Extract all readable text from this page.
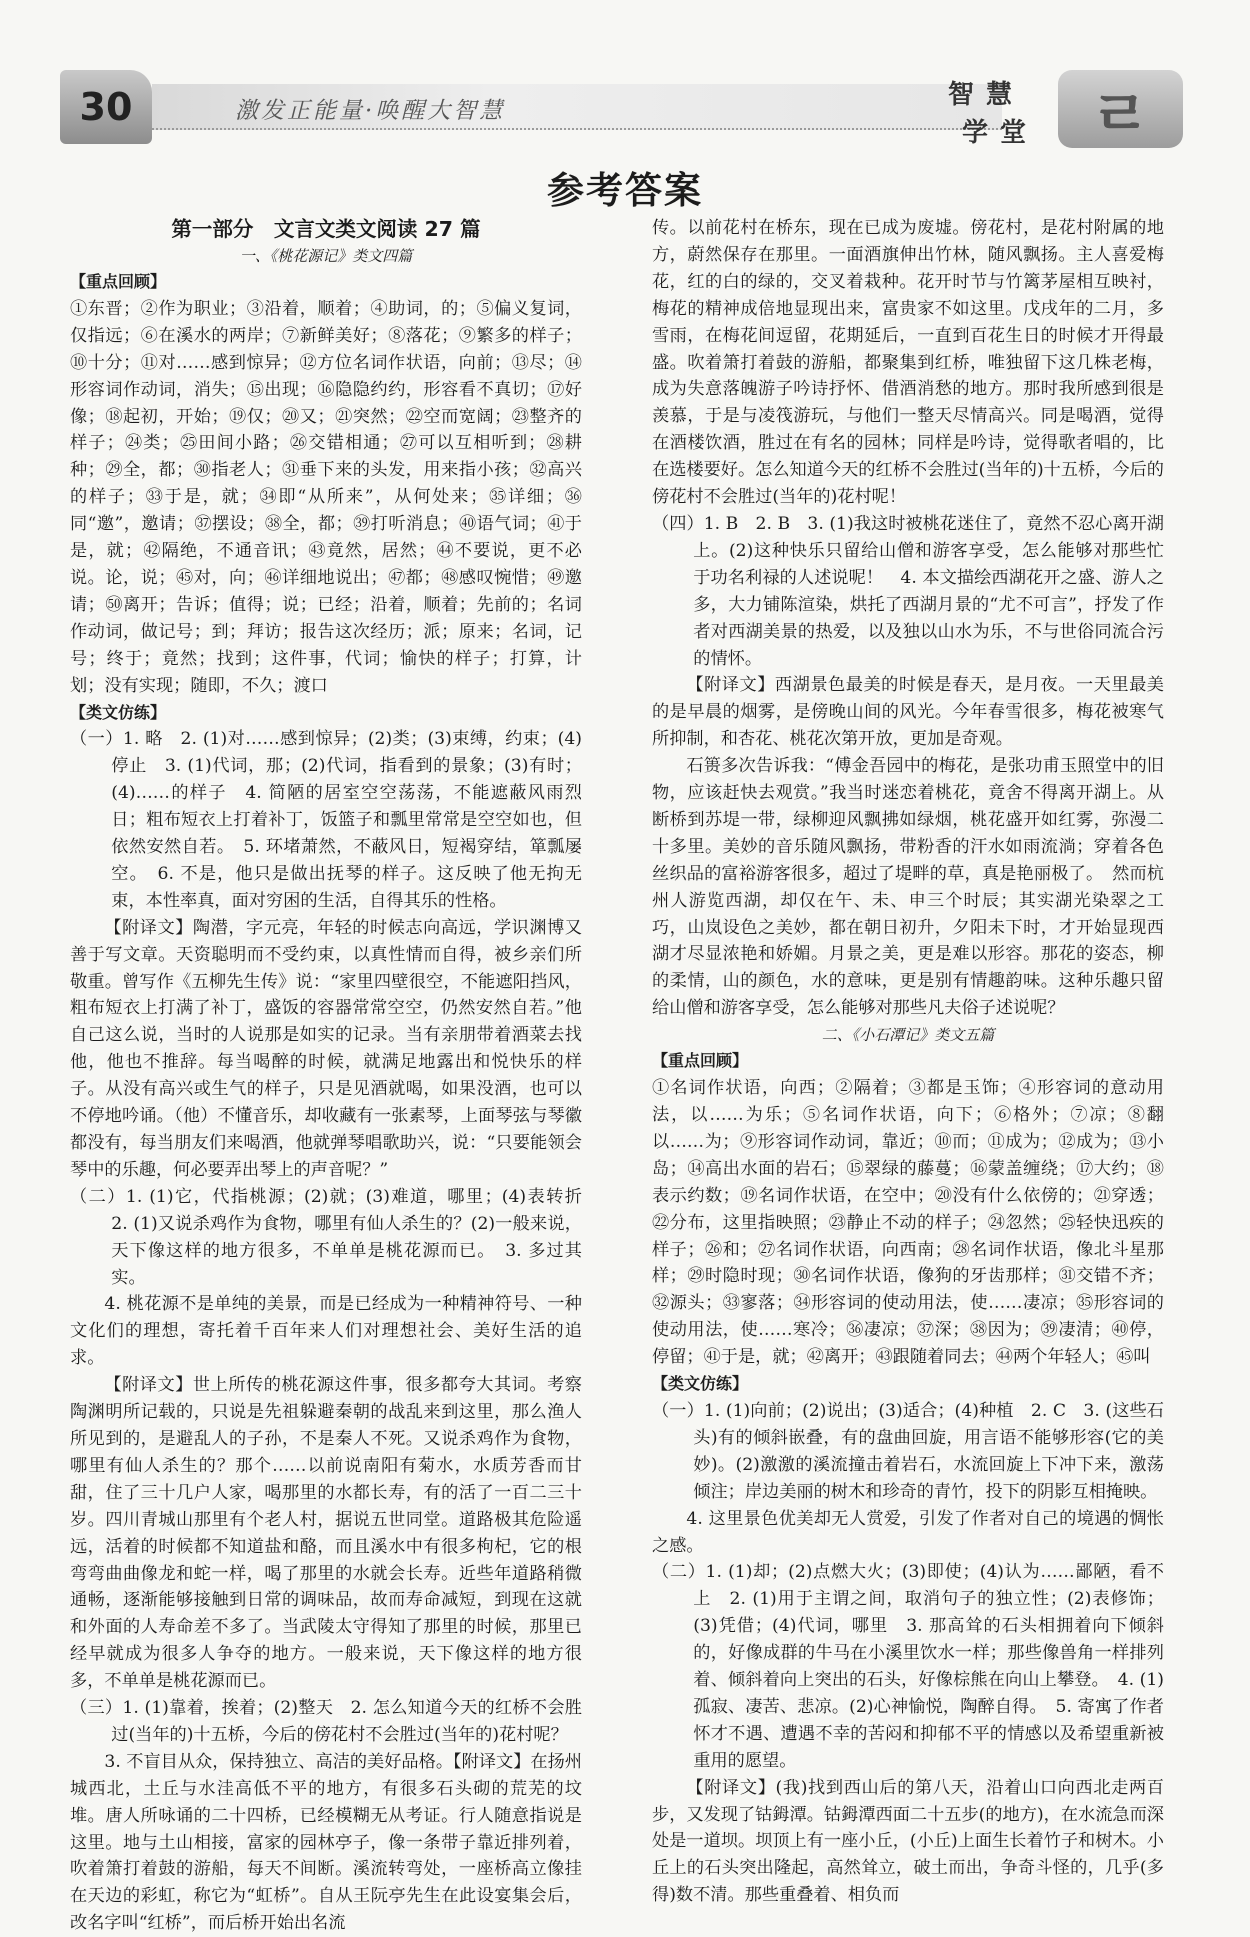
30	激发正能量·唤醒大智慧
智 慧
学 堂	ㄹ
参考答案

第一部分　文言文类文阅读 27 篇

一、《桃花源记》类文四篇

【重点回顾】

①东晋；②作为职业；③沿着，顺着；④助词，的；⑤偏义复词，仅指远；⑥在溪水的两岸；⑦新鲜美好；⑧落花；⑨繁多的样子；⑩十分；⑪对……感到惊异；⑫方位名词作状语，向前；⑬尽；⑭形容词作动词，消失；⑮出现；⑯隐隐约约，形容看不真切；⑰好像；⑱起初，开始；⑲仅；⑳又；㉑突然；㉒空而宽阔；㉓整齐的样子；㉔类；㉕田间小路；㉖交错相通；㉗可以互相听到；㉘耕种；㉙全，都；㉚指老人；㉛垂下来的头发，用来指小孩；㉜高兴的样子；㉝于是，就；㉞即“从所来”，从何处来；㉟详细；㊱同“邀”，邀请；㊲摆设；㊳全，都；㊴打听消息；㊵语气词；㊶于是，就；㊷隔绝，不通音讯；㊸竟然，居然；㊹不要说，更不必说。论，说；㊺对，向；㊻详细地说出；㊼都；㊽感叹惋惜；㊾邀请；㊿离开；告诉；值得；说；已经；沿着，顺着；先前的；名词作动词，做记号；到；拜访；报告这次经历；派；原来；名词，记号；终于；竟然；找到；这件事，代词；愉快的样子；打算，计划；没有实现；随即，不久；渡口

【类文仿练】

（一）1. 略　2. (1)对……感到惊异；(2)类；(3)束缚，约束；(4)停止　3. (1)代词，那；(2)代词，指看到的景象；(3)有时；(4)……的样子　4. 简陋的居室空空荡荡，不能遮蔽风雨烈日；粗布短衣上打着补丁，饭篮子和瓢里常常是空空如也，但依然安然自若。　5. 环堵萧然，不蔽风日，短褐穿结，箪瓢屡空。　6. 不是，他只是做出抚琴的样子。这反映了他无拘无束，本性率真，面对穷困的生活，自得其乐的性格。

【附译文】陶潜，字元亮，年轻的时候志向高远，学识渊博又善于写文章。天资聪明而不受约束，以真性情而自得，被乡亲们所敬重。曾写作《五柳先生传》说：“家里四壁很空，不能遮阳挡风，粗布短衣上打满了补丁，盛饭的容器常常空空，仍然安然自若。”他自己这么说，当时的人说那是如实的记录。当有亲朋带着酒菜去找他，他也不推辞。每当喝醉的时候，就满足地露出和悦快乐的样子。从没有高兴或生气的样子，只是见酒就喝，如果没酒，也可以不停地吟诵。（他）不懂音乐，却收藏有一张素琴，上面琴弦与琴徽都没有，每当朋友们来喝酒，他就弹琴唱歌助兴，说：“只要能领会琴中的乐趣，何必要弄出琴上的声音呢？”

（二）1. (1)它，代指桃源；(2)就；(3)难道，哪里；(4)表转折　2. (1)又说杀鸡作为食物，哪里有仙人杀生的？(2)一般来说，天下像这样的地方很多，不单单是桃花源而已。　3. 多过其实。

4. 桃花源不是单纯的美景，而是已经成为一种精神符号、一种文化们的理想，寄托着千百年来人们对理想社会、美好生活的追求。

【附译文】世上所传的桃花源这件事，很多都夸大其词。考察陶渊明所记载的，只说是先祖躲避秦朝的战乱来到这里，那么渔人所见到的，是避乱人的子孙，不是秦人不死。又说杀鸡作为食物，哪里有仙人杀生的？那个……以前说南阳有菊水，水质芳香而甘甜，住了三十几户人家，喝那里的水都长寿，有的活了一百二三十岁。四川青城山那里有个老人村，据说五世同堂。道路极其危险遥远，活着的时候都不知道盐和酪，而且溪水中有很多枸杞，它的根弯弯曲曲像龙和蛇一样，喝了那里的水就会长寿。近些年道路稍微通畅，逐渐能够接触到日常的调味品，故而寿命减短，到现在这就和外面的人寿命差不多了。当武陵太守得知了那里的时候，那里已经早就成为很多人争夺的地方。一般来说，天下像这样的地方很多，不单单是桃花源而已。

（三）1. (1)靠着，挨着；(2)整天　2. 怎么知道今天的红桥不会胜过(当年的)十五桥，今后的傍花村不会胜过(当年的)花村呢？

3. 不盲目从众，保持独立、高洁的美好品格。【附译文】在扬州城西北，土丘与水洼高低不平的地方，有很多石头砌的荒芜的坟堆。唐人所咏诵的二十四桥，已经模糊无从考证。行人随意指说是这里。地与土山相接，富家的园林亭子，像一条带子靠近排列着，吹着箫打着鼓的游船，每天不间断。溪流转弯处，一座桥高立像挂在天边的彩虹，称它为“虹桥”。自从王阮亭先生在此设宴集会后，改名字叫“红桥”，而后桥开始出名流

传。以前花村在桥东，现在已成为废墟。傍花村，是花村附属的地方，蔚然保存在那里。一面酒旗伸出竹林，随风飘扬。主人喜爱梅花，红的白的绿的，交叉着栽种。花开时节与竹篱茅屋相互映衬，梅花的精神成倍地显现出来，富贵家不如这里。戊戌年的二月，多雪雨，在梅花间逗留，花期延后，一直到百花生日的时候才开得最盛。吹着箫打着鼓的游船，都聚集到红桥，唯独留下这几株老梅，成为失意落魄游子吟诗抒怀、借酒消愁的地方。那时我所感到很是羡慕，于是与凌筏游玩，与他们一整天尽情高兴。同是喝酒，觉得在酒楼饮酒，胜过在有名的园林；同样是吟诗，觉得歌者唱的，比在选楼要好。怎么知道今天的红桥不会胜过(当年的)十五桥，今后的傍花村不会胜过(当年的)花村呢！

（四）1. B　2. B　3. (1)我这时被桃花迷住了，竟然不忍心离开湖上。(2)这种快乐只留给山僧和游客享受，怎么能够对那些忙于功名利禄的人述说呢！　4. 本文描绘西湖花开之盛、游人之多，大力铺陈渲染，烘托了西湖月景的“尤不可言”，抒发了作者对西湖美景的热爱，以及独以山水为乐，不与世俗同流合污的情怀。

【附译文】西湖景色最美的时候是春天，是月夜。一天里最美的是早晨的烟雾，是傍晚山间的风光。今年春雪很多，梅花被寒气所抑制，和杏花、桃花次第开放，更加是奇观。

石篑多次告诉我：“傅金吾园中的梅花，是张功甫玉照堂中的旧物，应该赶快去观赏。”我当时迷恋着桃花，竟舍不得离开湖上。从断桥到苏堤一带，绿柳迎风飘拂如绿烟，桃花盛开如红雾，弥漫二十多里。美妙的音乐随风飘扬，带粉香的汗水如雨流淌；穿着各色丝织品的富裕游客很多，超过了堤畔的草，真是艳丽极了。　然而杭州人游览西湖，却仅在午、未、申三个时辰；其实湖光染翠之工巧，山岚设色之美妙，都在朝日初升，夕阳未下时，才开始显现西湖才尽显浓艳和娇媚。月景之美，更是难以形容。那花的姿态，柳的柔情，山的颜色，水的意味，更是别有情趣韵味。这种乐趣只留给山僧和游客享受，怎么能够对那些凡夫俗子述说呢？

二、《小石潭记》类文五篇

【重点回顾】

①名词作状语，向西；②隔着；③都是玉饰；④形容词的意动用法，以……为乐；⑤名词作状语，向下；⑥格外；⑦凉；⑧翻以……为；⑨形容词作动词，靠近；⑩而；⑪成为；⑫成为；⑬小岛；⑭高出水面的岩石；⑮翠绿的藤蔓；⑯蒙盖缠绕；⑰大约；⑱表示约数；⑲名词作状语，在空中；⑳没有什么依傍的；㉑穿透；㉒分布，这里指映照；㉓静止不动的样子；㉔忽然；㉕轻快迅疾的样子；㉖和；㉗名词作状语，向西南；㉘名词作状语，像北斗星那样；㉙时隐时现；㉚名词作状语，像狗的牙齿那样；㉛交错不齐；㉜源头；㉝寥落；㉞形容词的使动用法，使……凄凉；㉟形容词的使动用法，使……寒冷；㊱凄凉；㊲深；㊳因为；㊴凄清；㊵停，停留；㊶于是，就；㊷离开；㊸跟随着同去；㊹两个年轻人；㊺叫

【类文仿练】

（一）1. (1)向前；(2)说出；(3)适合；(4)种植　2. C　3. (这些石头)有的倾斜嵌叠，有的盘曲回旋，用言语不能够形容(它的美妙)。(2)激激的溪流撞击着岩石，水流回旋上下冲下来，激荡倾注；岸边美丽的树木和珍奇的青竹，投下的阴影互相掩映。

4. 这里景色优美却无人赏爱，引发了作者对自己的境遇的惆怅之感。

（二）1. (1)却；(2)点燃大火；(3)即使；(4)认为……鄙陋，看不上　2. (1)用于主谓之间，取消句子的独立性；(2)表修饰；(3)凭借；(4)代词，哪里　3. 那高耸的石头相拥着向下倾斜的，好像成群的牛马在小溪里饮水一样；那些像兽角一样排列着、倾斜着向上突出的石头，好像棕熊在向山上攀登。　4. (1)孤寂、凄苦、悲凉。(2)心神愉悦，陶醉自得。　5. 寄寓了作者怀才不遇、遭遇不幸的苦闷和抑郁不平的情感以及希望重新被重用的愿望。

【附译文】(我)找到西山后的第八天，沿着山口向西北走两百步，又发现了钴鉧潭。钴鉧潭西面二十五步(的地方)，在水流急而深处是一道坝。坝顶上有一座小丘，(小丘)上面生长着竹子和树木。小丘上的石头突出隆起，高然耸立，破土而出，争奇斗怪的，几乎(多得)数不清。那些重叠着、相负而
